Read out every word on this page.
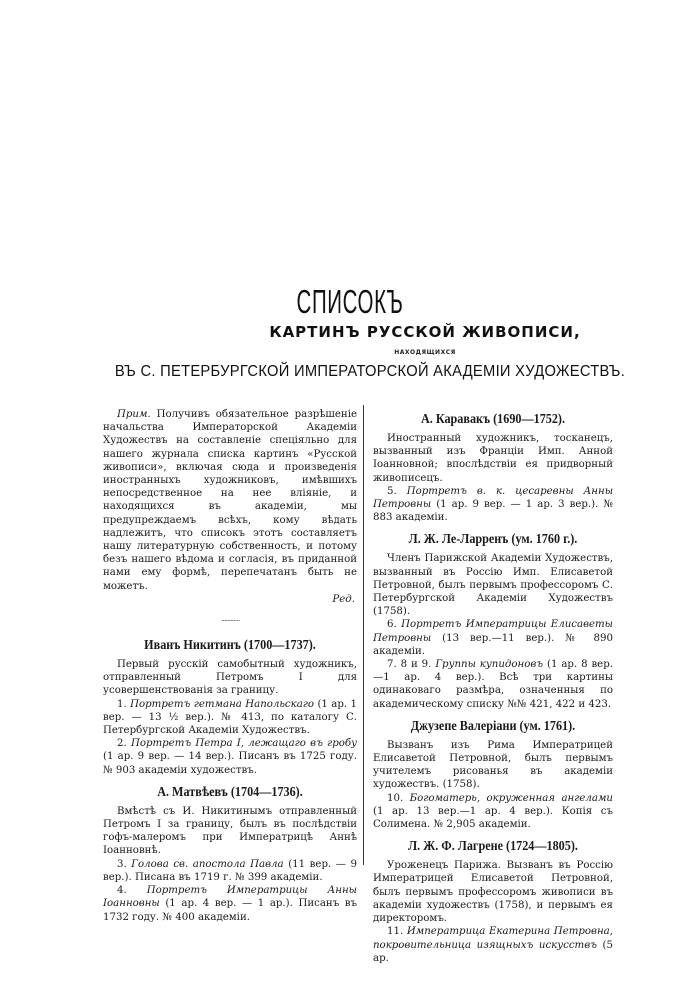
СПИСОКЪ
КАРТИНЪ РУССКОЙ ЖИВОПИСИ,
НАХОДЯЩИХСЯ
ВЪ С. ПЕТЕРБУРГСКОЙ ИМПЕРАТОРСКОЙ АКАДЕМІИ ХУДОЖЕСТВЪ.

Прим. Получивъ обязательное разрѣшеніе начальства Императорской Академіи Художествъ на составленіе спеціяльно для нашего журнала списка картинъ «Русской живописи», включая сюда и произведенія иностранныхъ художниковъ, имѣвшихъ непосредственное на нее вліяніе, и находящихся въ академіи, мы предупреждаемъ всѣхъ, кому вѣдать надлежитъ, что списокъ этотъ составляетъ нашу литературную собственность, и потому безъ нашего вѣдома и согласія, въ приданной нами ему формѣ, перепечатанъ быть не можетъ.

Ред.

............
Иванъ Никитинъ (1700—1737).

Первый русскій самобытный художникъ, отправленный Петромъ I для усовершенствованія за границу.

1. Портретъ гетмана Напольскаго (1 ар. 1 вер. — 13 ½ вер.). № 413, по каталогу С. Петербургской Академіи Художествъ.

2. Портретъ Петра I, лежащаго въ гробу (1 ар. 9 вер. — 14 вер.). Писанъ въ 1725 году. № 903 академіи художествъ.

А. Матвѣевъ (1704—1736).

Вмѣстѣ съ И. Никитинымъ отправленный Петромъ I за границу, былъ въ послѣдствіи гофъ-малеромъ при Императрицѣ Аннѣ Іоанновнѣ.

3. Голова св. апостола Павла (11 вер. — 9 вер.). Писана въ 1719 г. № 399 академіи.

4. Портретъ Императрицы Анны Іоанновны (1 ар. 4 вер. — 1 ар.). Писанъ въ 1732 году. № 400 академіи.

А. Каравакъ (1690—1752).

Иностранный художникъ, тосканецъ, вызванный изъ Франціи Имп. Анной Іоанновной; впослѣдствіи ея придворный живописецъ.

5. Портретъ в. к. цесаревны Анны Петровны (1 ар. 9 вер. — 1 ар. 3 вер.). № 883 академіи.

Л. Ж. Ле-Ларренъ (ум. 1760 г.).

Членъ Парижской Академіи Художествъ, вызванный въ Россію Имп. Елисаветой Петровной, былъ первымъ профессоромъ С. Петербургской Академіи Художествъ (1758).

6. Портретъ Императрицы Елисаветы Петровны (13 вер.—11 вер.). № 890 академіи.

7. 8 и 9. Группы купидоновъ (1 ар. 8 вер. —1 ар. 4 вер.). Всѣ три картины одинаковаго размѣра, означенныя по академическому списку №№ 421, 422 и 423.

Джузепе Валеріани (ум. 1761).

Вызванъ изъ Рима Императрицей Елисаветой Петровной, былъ первымъ учителемъ рисованья въ академіи художествъ. (1758).

10. Богоматерь, окруженная ангелами (1 ар. 13 вер.—1 ар. 4 вер.). Копія съ Солимена. № 2,905 академіи.

Л. Ж. Ф. Лагрене (1724—1805).

Уроженецъ Парижа. Вызванъ въ Россію Императрицей Елисаветой Петровной, былъ первымъ профессоромъ живописи въ академіи художествъ (1758), и первымъ ея директоромъ.

11. Императрица Екатерина Петровна, покровительница изящныхъ искусствъ (5 ар.
